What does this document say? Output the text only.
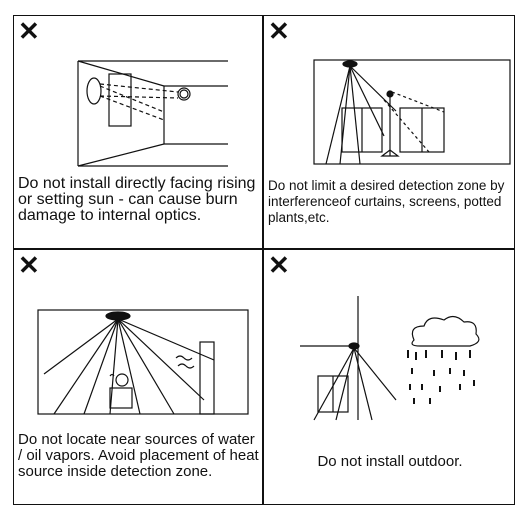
✕
Do not install directly facing rising or setting sun - can cause burn damage to internal optics.
✕
Do not limit a desired detection zone by interferenceof curtains, screens, potted plants,etc.
✕
Do not locate near sources of water / oil vapors. Avoid placement of heat source inside detection zone.
✕
Do not install outdoor.
